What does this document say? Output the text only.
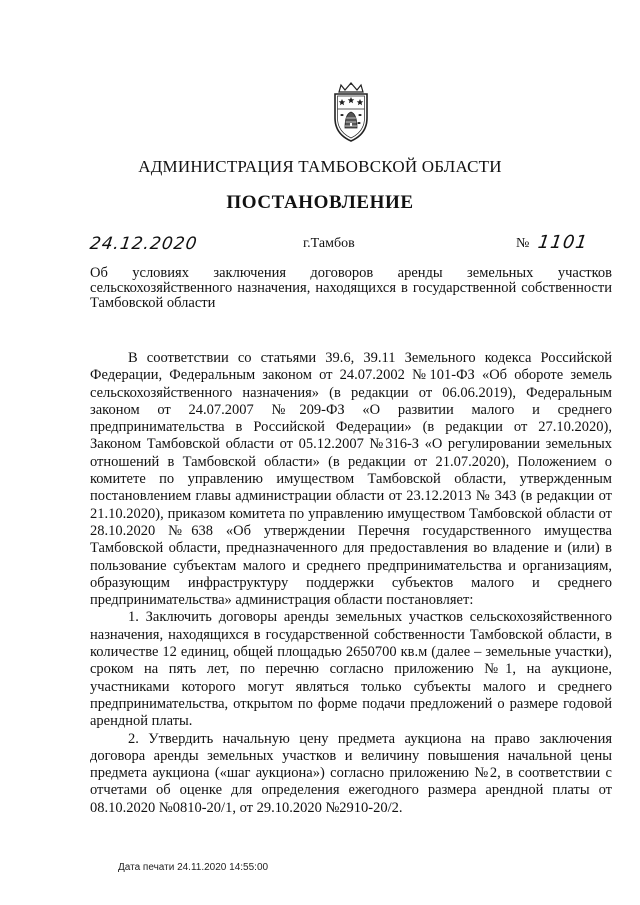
АДМИНИСТРАЦИЯ ТАМБОВСКОЙ ОБЛАСТИ
ПОСТАНОВЛЕНИЕ
24.12.2020	г.Тамбов	№ 1101
Об условиях заключения договоров аренды земельных участков сельскохозяйственного назначения, находящихся в государственной собственности Тамбовской области

В соответствии со статьями 39.6, 39.11 Земельного кодекса Российской Федерации, Федеральным законом от 24.07.2002 №101-ФЗ «Об обороте земель сельскохозяйственного назначения» (в редакции от 06.06.2019), Федеральным законом от 24.07.2007 №209-ФЗ «О развитии малого и среднего предпринимательства в Российской Федерации» (в редакции от 27.10.2020), Законом Тамбовской области от 05.12.2007 №316-З «О регулировании земельных отношений в Тамбовской области» (в редакции от 21.07.2020), Положением о комитете по управлению имуществом Тамбовской области, утвержденным постановлением главы администрации области от 23.12.2013 № 343 (в редакции от 21.10.2020), приказом комитета по управлению имуществом Тамбовской области от 28.10.2020 №638 «Об утверждении Перечня государственного имущества Тамбовской области, предназначенного для предоставления во владение и (или) в пользование субъектам малого и среднего предпринимательства и организациям, образующим инфраструктуру поддержки субъектов малого и среднего предпринимательства» администрация области постановляет:

1. Заключить договоры аренды земельных участков сельскохозяйственного назначения, находящихся в государственной собственности Тамбовской области, в количестве 12 единиц, общей площадью 2650700 кв.м (далее – земельные участки), сроком на пять лет, по перечню согласно приложению №1, на аукционе, участниками которого могут являться только субъекты малого и среднего предпринимательства, открытом по форме подачи предложений о размере годовой арендной платы.

2. Утвердить начальную цену предмета аукциона на право заключения договора аренды земельных участков и величину повышения начальной цены предмета аукциона («шаг аукциона») согласно приложению №2, в соответствии с отчетами об оценке для определения ежегодного размера арендной платы от 08.10.2020 №0810-20/1, от 29.10.2020 №2910-20/2.

Дата печати 24.11.2020 14:55:00
